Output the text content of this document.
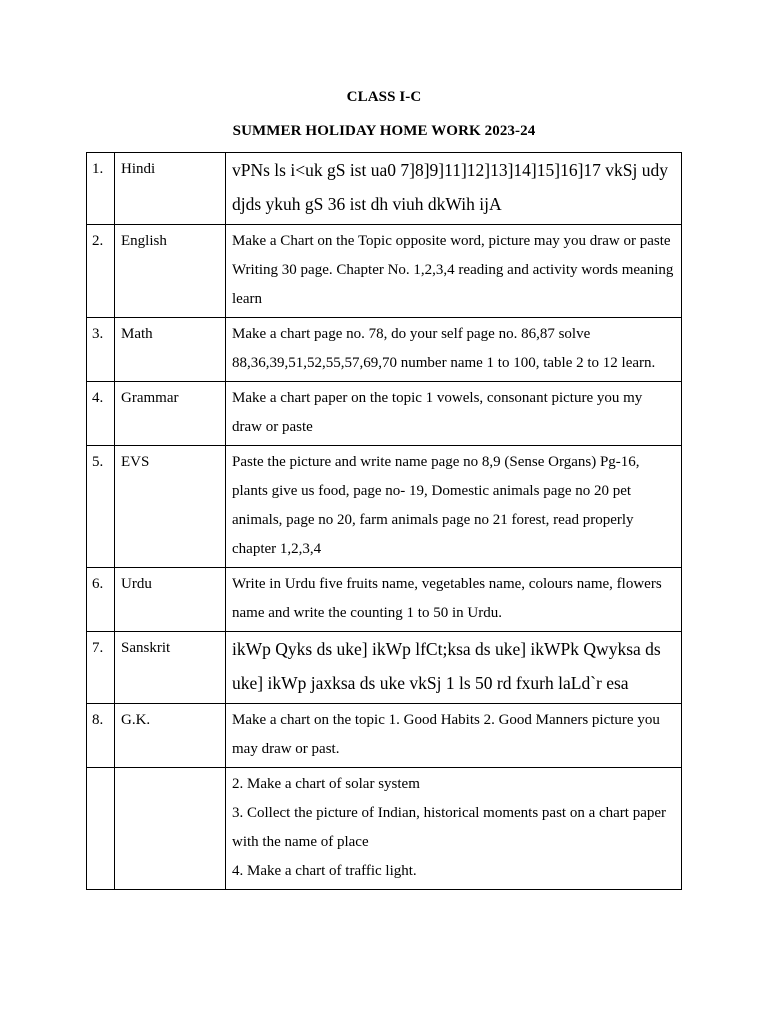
CLASS I-C
SUMMER HOLIDAY HOME WORK 2023-24
1.	Hindi	vPNs ls i<uk gS ist ua0 7]8]9]11]12]13]14]15]16]17 vkSj udy djds ykuh gS 36 ist dh viuh dkWih ijA
2.	English	Make a Chart on the Topic opposite word, picture may you draw or paste Writing 30 page. Chapter No. 1,2,3,4 reading and activity words meaning learn
3.	Math	Make a chart page no. 78, do your self page no. 86,87 solve 88,36,39,51,52,55,57,69,70 number name 1 to 100, table 2 to 12 learn.
4.	Grammar	Make a chart paper on the topic 1 vowels, consonant picture you my draw or paste
5.	EVS	Paste the picture and write name page no 8,9 (Sense Organs) Pg-16, plants give us food, page no- 19, Domestic animals page no 20 pet animals, page no 20, farm animals page no 21 forest, read properly chapter 1,2,3,4
6.	Urdu	Write in Urdu five fruits name, vegetables name, colours name, flowers name and write the counting 1 to 50 in Urdu.
7.	Sanskrit	ikWp Qyks ds uke] ikWp lfCt;ksa ds uke] ikWPk Qwyksa ds uke] ikWp jaxksa ds uke vkSj 1 ls 50 rd fxurh laLd`r esa
8.	G.K.	Make a chart on the topic 1. Good Habits 2. Good Manners picture you may draw or past.

		2. Make a chart of solar system
3. Collect the picture of Indian, historical moments past on a chart paper with the name of place
4. Make a chart of traffic light.
